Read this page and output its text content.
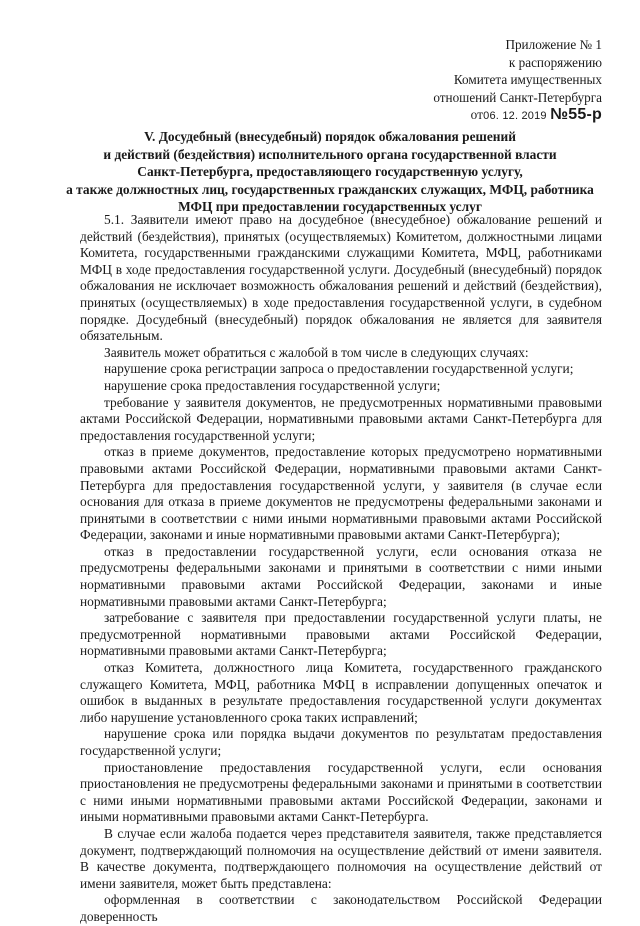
Приложение № 1
к распоряжению
Комитета имущественных
отношений Санкт-Петербурга
от06. 12. 2019 №55-р
V. Досудебный (внесудебный) порядок обжалования решений
и действий (бездействия) исполнительного органа государственной власти
Санкт-Петербурга, предоставляющего государственную услугу,
а также должностных лиц, государственных гражданских служащих, МФЦ, работника
МФЦ при предоставлении государственных услуг

5.1. Заявители имеют право на досудебное (внесудебное) обжалование решений и действий (бездействия), принятых (осуществляемых) Комитетом, должностными лицами Комитета, государственными гражданскими служащими Комитета, МФЦ, работниками МФЦ в ходе предоставления государственной услуги. Досудебный (внесудебный) порядок обжалования не исключает возможность обжалования решений и действий (бездействия), принятых (осуществляемых) в ходе предоставления государственной услуги, в судебном порядке. Досудебный (внесудебный) порядок обжалования не является для заявителя обязательным.

Заявитель может обратиться с жалобой в том числе в следующих случаях:

нарушение срока регистрации запроса о предоставлении государственной услуги;

нарушение срока предоставления государственной услуги;

требование у заявителя документов, не предусмотренных нормативными правовыми актами Российской Федерации, нормативными правовыми актами Санкт-Петербурга для предоставления государственной услуги;

отказ в приеме документов, предоставление которых предусмотрено нормативными правовыми актами Российской Федерации, нормативными правовыми актами Санкт-Петербурга для предоставления государственной услуги, у заявителя (в случае если основания для отказа в приеме документов не предусмотрены федеральными законами и принятыми в соответствии с ними иными нормативными правовыми актами Российской Федерации, законами и иные нормативными правовыми актами Санкт-Петербурга);

отказ в предоставлении государственной услуги, если основания отказа не предусмотрены федеральными законами и принятыми в соответствии с ними иными нормативными правовыми актами Российской Федерации, законами и иные нормативными правовыми актами Санкт-Петербурга;

затребование с заявителя при предоставлении государственной услуги платы, не предусмотренной нормативными правовыми актами Российской Федерации, нормативными правовыми актами Санкт-Петербурга;

отказ Комитета, должностного лица Комитета, государственного гражданского служащего Комитета, МФЦ, работника МФЦ в исправлении допущенных опечаток и ошибок в выданных в результате предоставления государственной услуги документах либо нарушение установленного срока таких исправлений;

нарушение срока или порядка выдачи документов по результатам предоставления государственной услуги;

приостановление предоставления государственной услуги, если основания приостановления не предусмотрены федеральными законами и принятыми в соответствии с ними иными нормативными правовыми актами Российской Федерации, законами и иными нормативными правовыми актами Санкт-Петербурга.

В случае если жалоба подается через представителя заявителя, также представляется документ, подтверждающий полномочия на осуществление действий от имени заявителя. В качестве документа, подтверждающего полномочия на осуществление действий от имени заявителя, может быть представлена:

оформленная в соответствии с законодательством Российской Федерации доверенность
